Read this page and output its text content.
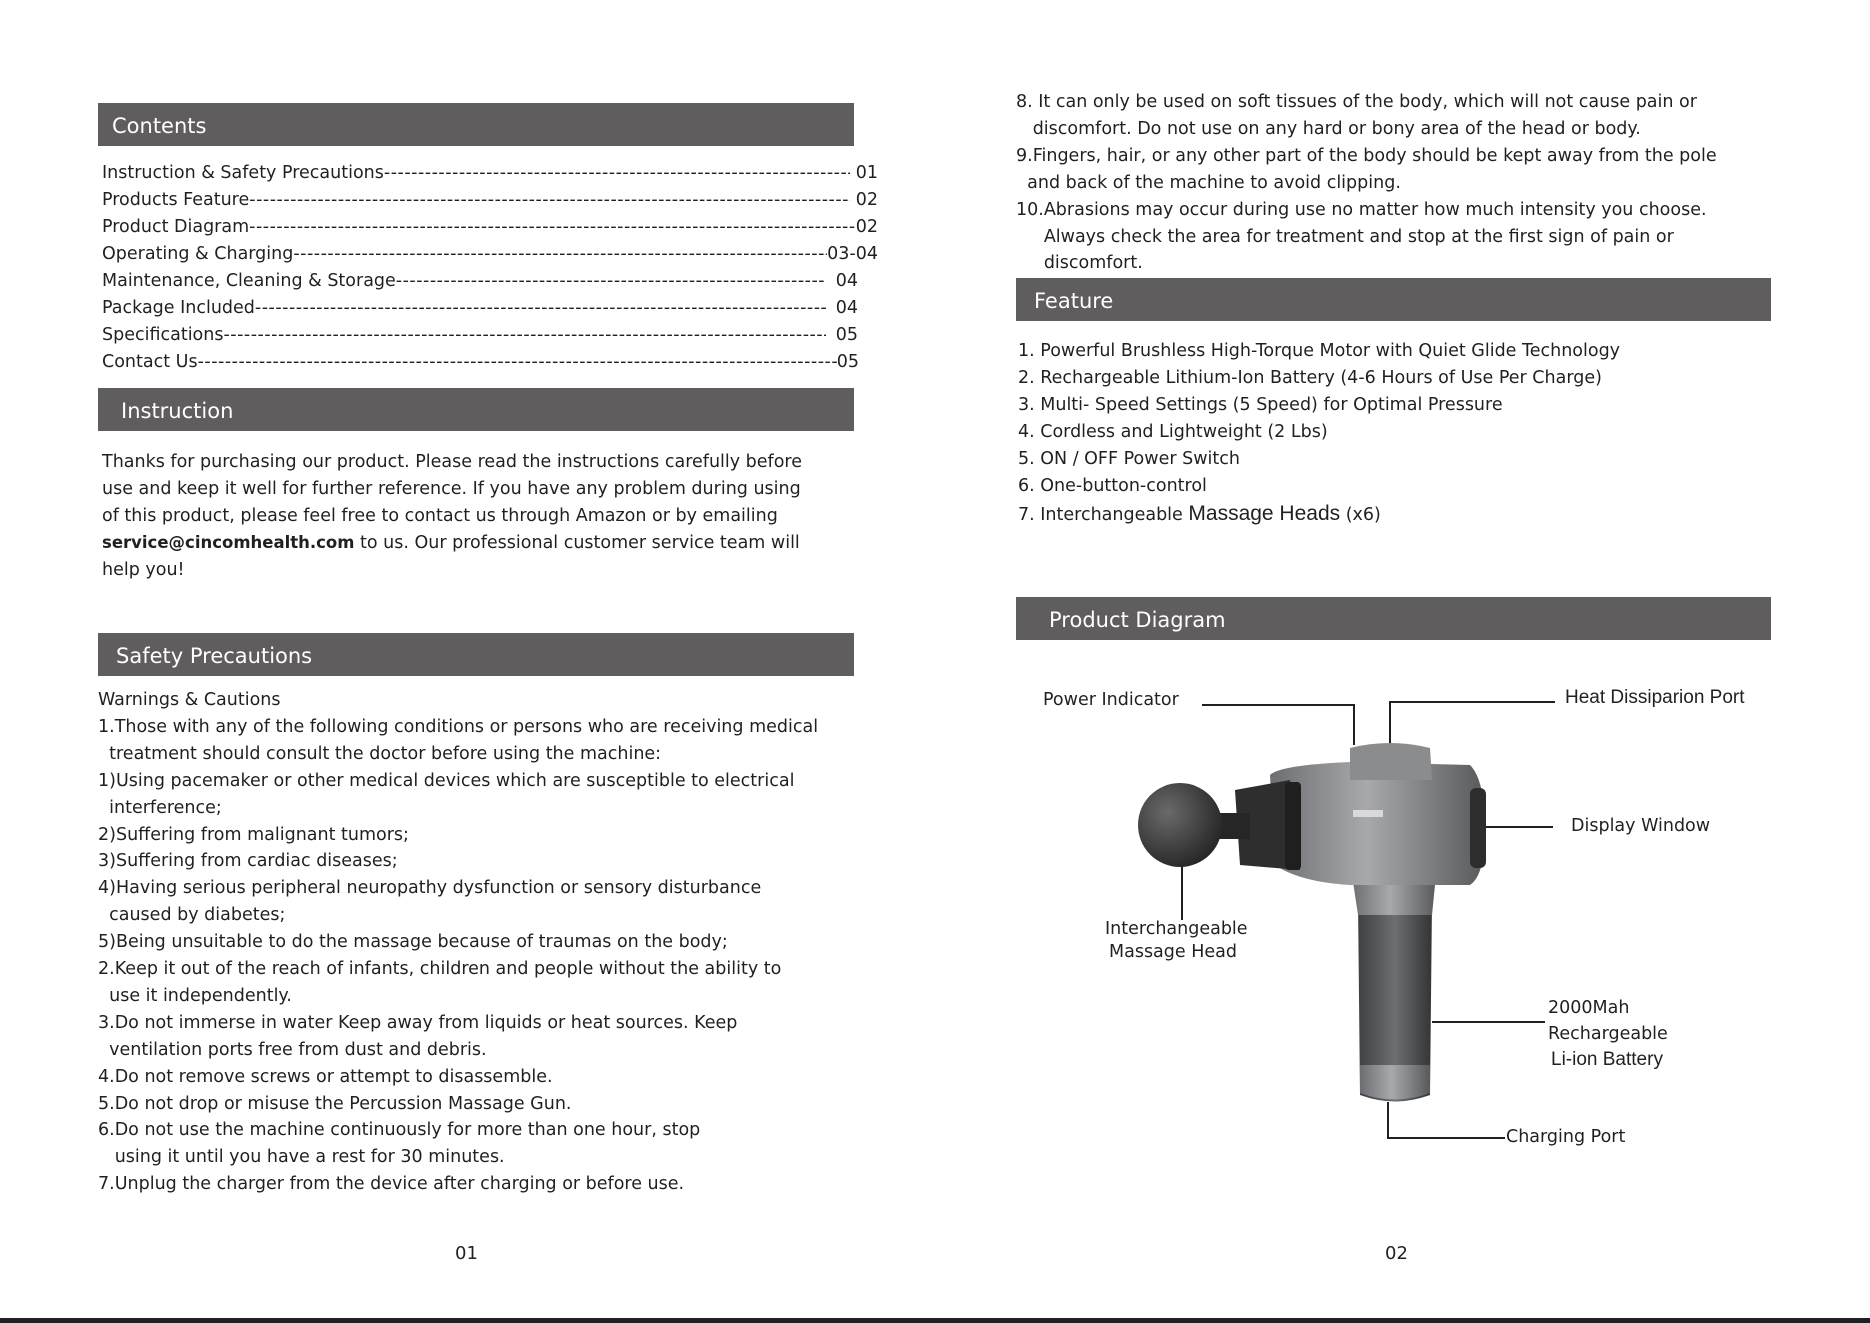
Contents
Instruction & Safety Precautions -----	01
Products Feature -----	02
Product Diagram -----	02
Operating & Charging -----	03-04
Maintenance, Cleaning & Storage -----	04
Package Included -----	04
Specifications -----	05
Contact Us -----	05
Instruction
Thanks for purchasing our product. Please read the instructions carefully before
use and keep it well for further reference. If you have any problem during using
of this product, please feel free to contact us through Amazon or by emailing
service@cincomhealth.com to us. Our professional customer service team will
help you!
Safety Precautions
Warnings & Cautions
1.Those with any of the following conditions or persons who are receiving medical
treatment should consult the doctor before using the machine:
1)Using pacemaker or other medical devices which are susceptible to electrical
interference;
2)Suffering from malignant tumors;
3)Suffering from cardiac diseases;
4)Having serious peripheral neuropathy dysfunction or sensory disturbance
caused by diabetes;
5)Being unsuitable to do the massage because of traumas on the body;
2.Keep it out of the reach of infants, children and people without the ability to
use it independently.
3.Do not immerse in water Keep away from liquids or heat sources. Keep
ventilation ports free from dust and debris.
4.Do not remove screws or attempt to disassemble.
5.Do not drop or misuse the Percussion Massage Gun.
6.Do not use the machine continuously for more than one hour, stop
using it until you have a rest for 30 minutes.
7.Unplug the charger from the device after charging or before use.
01
8. It can only be used on soft tissues of the body, which will not cause pain or
discomfort. Do not use on any hard or bony area of the head or body.
9.Fingers, hair, or any other part of the body should be kept away from the pole
and back of the machine to avoid clipping.
10.Abrasions may occur during use no matter how much intensity you choose.
Always check the area for treatment and stop at the first sign of pain or
discomfort.
Feature
1. Powerful Brushless High-Torque Motor with Quiet Glide Technology
2. Rechargeable Lithium-Ion Battery (4-6 Hours of Use Per Charge)
3. Multi- Speed Settings (5 Speed) for Optimal Pressure
4. Cordless and Lightweight (2 Lbs)
5. ON / OFF Power Switch
6. One-button-control
7. Interchangeable Massage Heads (x6)
Product Diagram
Power Indicator	Heat Dissiparion Port
Display Window
Interchangeable
Massage Head
2000Mah
Rechargeable
Li-ion Battery
Charging Port
02
